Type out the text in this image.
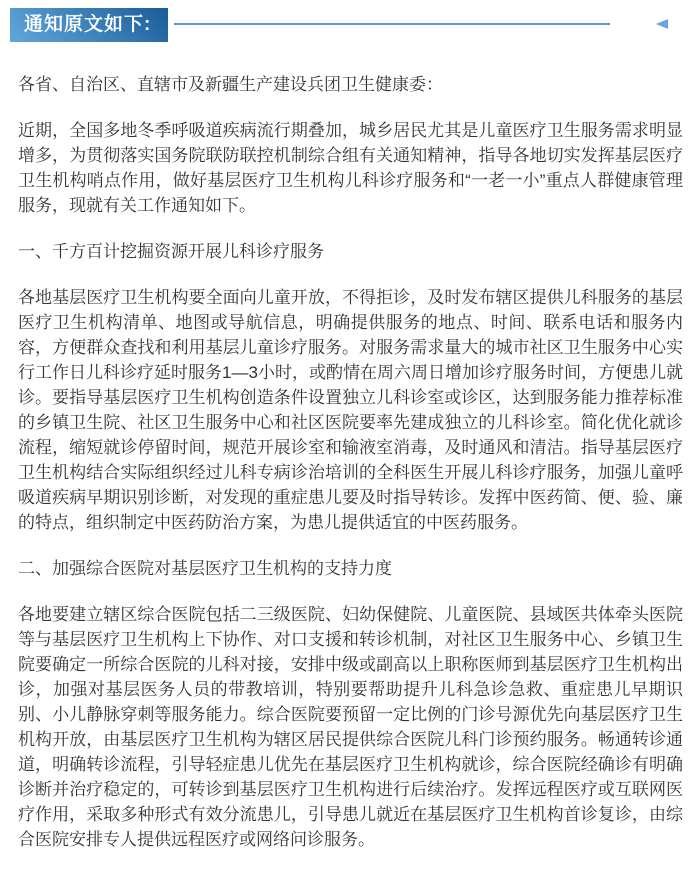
通知原文如下:

各省、自治区、直辖市及新疆生产建设兵团卫生健康委：

近期，全国多地冬季呼吸道疾病流行期叠加，城乡居民尤其是儿童医疗卫生服务需求明显增多，为贯彻落实国务院联防联控机制综合组有关通知精神，指导各地切实发挥基层医疗卫生机构哨点作用，做好基层医疗卫生机构儿科诊疗服务和“一老一小”重点人群健康管理服务，现就有关工作通知如下。

一、千方百计挖掘资源开展儿科诊疗服务

各地基层医疗卫生机构要全面向儿童开放，不得拒诊，及时发布辖区提供儿科服务的基层医疗卫生机构清单、地图或导航信息，明确提供服务的地点、时间、联系电话和服务内容，方便群众查找和利用基层儿童诊疗服务。对服务需求量大的城市社区卫生服务中心实行工作日儿科诊疗延时服务1—3小时，或酌情在周六周日增加诊疗服务时间，方便患儿就诊。要指导基层医疗卫生机构创造条件设置独立儿科诊室或诊区，达到服务能力推荐标准的乡镇卫生院、社区卫生服务中心和社区医院要率先建成独立的儿科诊室。简化优化就诊流程，缩短就诊停留时间，规范开展诊室和输液室消毒，及时通风和清洁。指导基层医疗卫生机构结合实际组织经过儿科专病诊治培训的全科医生开展儿科诊疗服务，加强儿童呼吸道疾病早期识别诊断，对发现的重症患儿要及时指导转诊。发挥中医药简、便、验、廉的特点，组织制定中医药防治方案，为患儿提供适宜的中医药服务。

二、加强综合医院对基层医疗卫生机构的支持力度

各地要建立辖区综合医院包括二三级医院、妇幼保健院、儿童医院、县域医共体牵头医院等与基层医疗卫生机构上下协作、对口支援和转诊机制，对社区卫生服务中心、乡镇卫生院要确定一所综合医院的儿科对接，安排中级或副高以上职称医师到基层医疗卫生机构出诊，加强对基层医务人员的带教培训，特别要帮助提升儿科急诊急救、重症患儿早期识别、小儿静脉穿刺等服务能力。综合医院要预留一定比例的门诊号源优先向基层医疗卫生机构开放，由基层医疗卫生机构为辖区居民提供综合医院儿科门诊预约服务。畅通转诊通道，明确转诊流程，引导轻症患儿优先在基层医疗卫生机构就诊，综合医院经确诊有明确诊断并治疗稳定的，可转诊到基层医疗卫生机构进行后续治疗。发挥远程医疗或互联网医疗作用，采取多种形式有效分流患儿，引导患儿就近在基层医疗卫生机构首诊复诊，由综合医院安排专人提供远程医疗或网络问诊服务。
